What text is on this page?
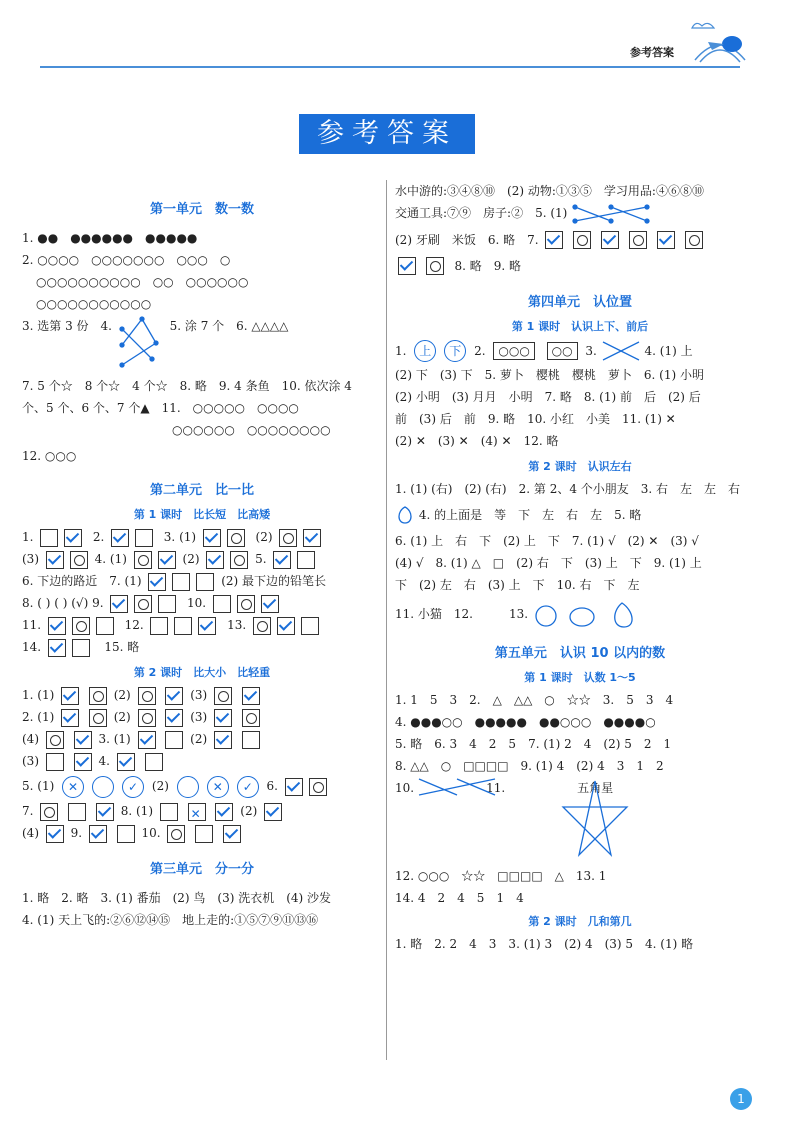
参考答案
参考答案
第一单元　数一数
1. ●●　●●●●●●　●●●●●
2. ○○○○　○○○○○○○　○○○　○
○○○○○○○○○○　○○　○○○○○○
○○○○○○○○○○○
3. 选第 3 份　4.	5. 涂 7 个　6. △△△△
7. 5 个☆　8 个☆　4 个☆　8. 略　9. 4 条鱼　10. 依次涂 4
个、5 个、6 个、7 个▲　11.　○○○○○　○○○○
○○○○○○　○○○○○○○○
12. ○○○
第二单元　比一比
第 1 课时　比长短　比高矮
1.	2.	3. (1)	(2)
(3)	4. (1)	(2)	5.
6. 下边的路近　7. (1)	(2) 最下边的铅笔长
8. ( ) ( ) (√) 9.	10.
11.	12.	13.
14.	15. 略
第 2 课时　比大小　比轻重
1. (1)	(2)	(3)
2. (1)	(2)	(3)
(4)	3. (1)	(2)
(3)	4.
5. (1) ✕	✓ (2)	✕ ✓ 6.
7.	8. (1)  ✕	(2)
(4)  9.	10.
第三单元　分一分
1. 略　2. 略　3. (1) 番茄　(2) 鸟　(3) 洗衣机　(4) 沙发
4. (1) 天上飞的:②⑥⑫⑭⑮　地上走的:①⑤⑦⑨⑪⑬⑯
水中游的:③④⑧⑩　(2) 动物:①③⑤　学习用品:④⑥⑧⑩
交通工具:⑦⑨　房子:②　5. (1)
(2) 牙刷　米饭　6. 略　7.
8. 略　9. 略
第四单元　认位置
第 1 课时　认识上下、前后
1. 上 下 2. ○○○ ○○ 3.	4. (1) 上
(2) 下　(3) 下　5. 萝卜　樱桃　樱桃　萝卜　6. (1) 小明
(2) 小明　(3) 月月　小明　7. 略　8. (1) 前　后　(2) 后
前　(3) 后　前　9. 略　10. 小红　小美　11. (1) ✕
(2) ✕　(3) ✕　(4) ✕　12. 略
第 2 课时　认识左右
1. (1) (右)　(2) (右)　2. 第 2、4 个小朋友　3. 右　左　左　右
4. 的上面是　等　下　左　右　左　5. 略
6. (1) 上　右　下　(2) 上　下　7. (1) √　(2) ✕　(3) √
(4) √　8. (1) △　□　(2) 右　下　(3) 上　下　9. (1) 上
下　(2) 左　右　(3) 上　下　10. 右　下　左
11. 小猫　12.　　　13.
第五单元　认识 10 以内的数
第 1 课时　认数 1～5
1. 1　5　3　2.　△　△△　○　☆☆　3.　5　3　4
4. ●●●○○　●●●●●　●●○○○　●●●●○
5. 略　6. 3　4　2　5　7. (1) 2　4　(2) 5　2　1
8. △△　○　□□□□　9. (1) 4　(2) 4　3　1　2
10.　　　　　　11.　　　　　　五角星
12. ○○○　☆☆　□□□□　△　13. 1
14. 4　2　4　5　1　4
第 2 课时　几和第几
1. 略　2. 2　4　3　3. (1) 3　(2) 4　(3) 5　4. (1) 略
1
